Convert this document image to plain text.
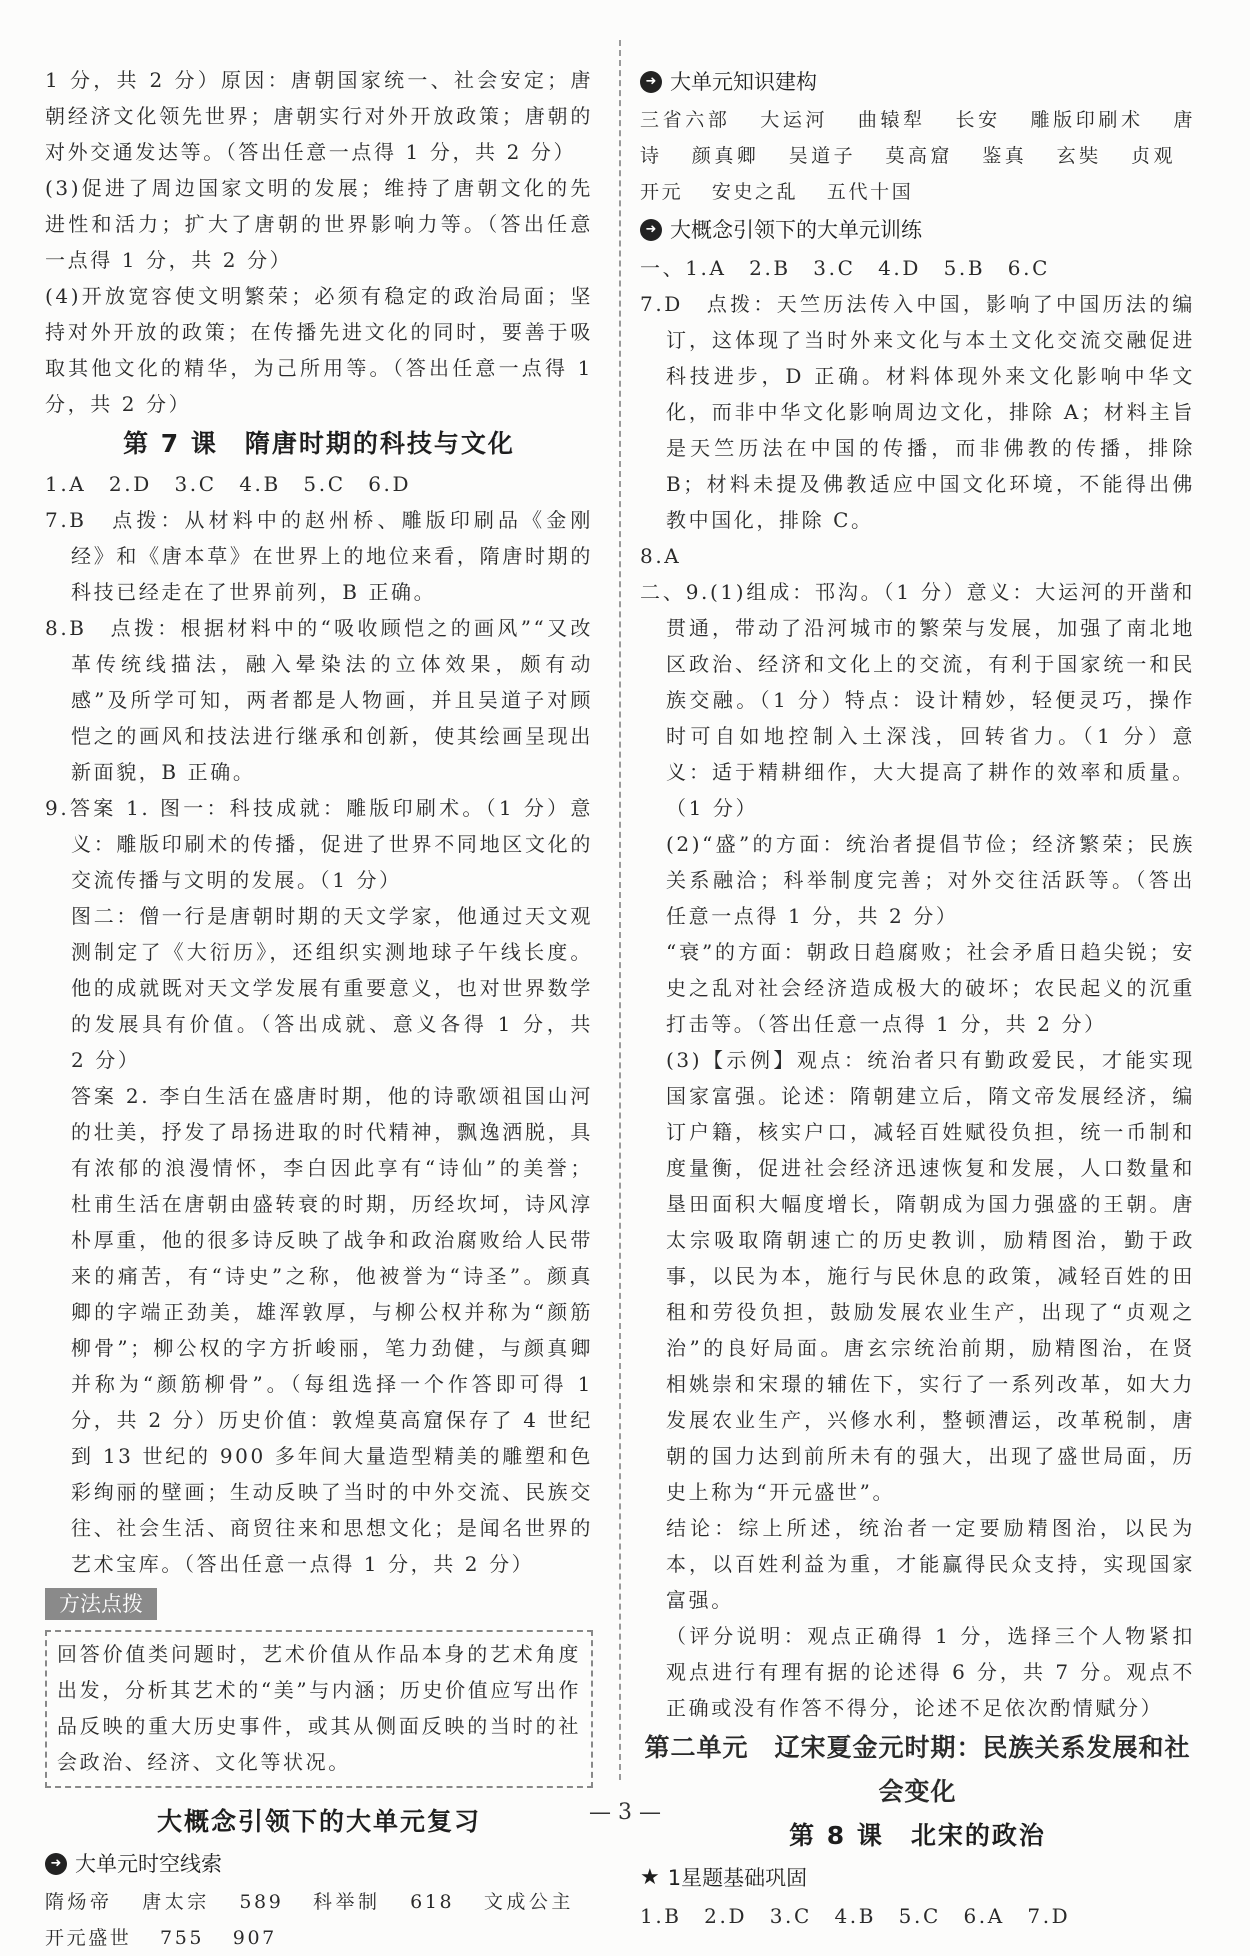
1 分，共 2 分）原因：唐朝国家统一、社会安定；唐朝经济文化领先世界；唐朝实行对外开放政策；唐朝的对外交通发达等。（答出任意一点得 1 分，共 2 分）
(3)促进了周边国家文明的发展；维持了唐朝文化的先进性和活力；扩大了唐朝的世界影响力等。（答出任意一点得 1 分，共 2 分）
(4)开放宽容使文明繁荣；必须有稳定的政治局面；坚持对外开放的政策；在传播先进文化的同时，要善于吸取其他文化的精华，为己所用等。（答出任意一点得 1 分，共 2 分）
第 7 课　隋唐时期的科技与文化
1.A　2.D　3.C　4.B　5.C　6.D
7.B　点拨：从材料中的赵州桥、雕版印刷品《金刚经》和《唐本草》在世界上的地位来看，隋唐时期的科技已经走在了世界前列，B 正确。
8.B　点拨：根据材料中的“吸收顾恺之的画风”“又改革传统线描法，融入晕染法的立体效果，颇有动感”及所学可知，两者都是人物画，并且吴道子对顾恺之的画风和技法进行继承和创新，使其绘画呈现出新面貌，B 正确。
9.答案 1. 图一：科技成就：雕版印刷术。（1 分）意义：雕版印刷术的传播，促进了世界不同地区文化的交流传播与文明的发展。（1 分）
图二：僧一行是唐朝时期的天文学家，他通过天文观测制定了《大衍历》，还组织实测地球子午线长度。他的成就既对天文学发展有重要意义，也对世界数学的发展具有价值。（答出成就、意义各得 1 分，共 2 分）
答案 2. 李白生活在盛唐时期，他的诗歌颂祖国山河的壮美，抒发了昂扬进取的时代精神，飘逸洒脱，具有浓郁的浪漫情怀，李白因此享有“诗仙”的美誉；杜甫生活在唐朝由盛转衰的时期，历经坎坷，诗风淳朴厚重，他的很多诗反映了战争和政治腐败给人民带来的痛苦，有“诗史”之称，他被誉为“诗圣”。颜真卿的字端正劲美，雄浑敦厚，与柳公权并称为“颜筋柳骨”；柳公权的字方折峻丽，笔力劲健，与颜真卿并称为“颜筋柳骨”。（每组选择一个作答即可得 1 分，共 2 分）历史价值：敦煌莫高窟保存了 4 世纪到 13 世纪的 900 多年间大量造型精美的雕塑和色彩绚丽的壁画；生动反映了当时的中外交流、民族交往、社会生活、商贸往来和思想文化；是闻名世界的艺术宝库。（答出任意一点得 1 分，共 2 分）
方法点拨
回答价值类问题时，艺术价值从作品本身的艺术角度出发，分析其艺术的“美”与内涵；历史价值应写出作品反映的重大历史事件，或其从侧面反映的当时的社会政治、经济、文化等状况。
大概念引领下的大单元复习
➜ 大单元时空线索
隋炀帝 唐太宗 589 科举制 618 文成公主 开元盛世 755 907
➜ 大单元知识建构
三省六部 大运河 曲辕犁 长安 雕版印刷术 唐诗 颜真卿 吴道子 莫高窟 鉴真 玄奘 贞观 开元 安史之乱 五代十国
➜ 大概念引领下的大单元训练
一、1.A　2.B　3.C　4.D　5.B　6.C
7.D　点拨：天竺历法传入中国，影响了中国历法的编订，这体现了当时外来文化与本土文化交流交融促进科技进步，D 正确。材料体现外来文化影响中华文化，而非中华文化影响周边文化，排除 A；材料主旨是天竺历法在中国的传播，而非佛教的传播，排除 B；材料未提及佛教适应中国文化环境，不能得出佛教中国化，排除 C。
8.A
二、9.(1)组成：邗沟。（1 分）意义：大运河的开凿和贯通，带动了沿河城市的繁荣与发展，加强了南北地区政治、经济和文化上的交流，有利于国家统一和民族交融。（1 分）特点：设计精妙，轻便灵巧，操作时可自如地控制入土深浅，回转省力。（1 分）意义：适于精耕细作，大大提高了耕作的效率和质量。（1 分）
(2)“盛”的方面：统治者提倡节俭；经济繁荣；民族关系融洽；科举制度完善；对外交往活跃等。（答出任意一点得 1 分，共 2 分）
“衰”的方面：朝政日趋腐败；社会矛盾日趋尖锐；安史之乱对社会经济造成极大的破坏；农民起义的沉重打击等。（答出任意一点得 1 分，共 2 分）
(3)【示例】观点：统治者只有勤政爱民，才能实现国家富强。论述：隋朝建立后，隋文帝发展经济，编订户籍，核实户口，减轻百姓赋役负担，统一币制和度量衡，促进社会经济迅速恢复和发展，人口数量和垦田面积大幅度增长，隋朝成为国力强盛的王朝。唐太宗吸取隋朝速亡的历史教训，励精图治，勤于政事，以民为本，施行与民休息的政策，减轻百姓的田租和劳役负担，鼓励发展农业生产，出现了“贞观之治”的良好局面。唐玄宗统治前期，励精图治，在贤相姚崇和宋璟的辅佐下，实行了一系列改革，如大力发展农业生产，兴修水利，整顿漕运，改革税制，唐朝的国力达到前所未有的强大，出现了盛世局面，历史上称为“开元盛世”。
结论：综上所述，统治者一定要励精图治，以民为本，以百姓利益为重，才能赢得民众支持，实现国家富强。
（评分说明：观点正确得 1 分，选择三个人物紧扣观点进行有理有据的论述得 6 分，共 7 分。观点不正确或没有作答不得分，论述不足依次酌情赋分）
第二单元　辽宋夏金元时期：民族关系发展和社会变化
第 8 课　北宋的政治
★ 1星题基础巩固
1.B　2.D　3.C　4.B　5.C　6.A　7.D
— 3 —
